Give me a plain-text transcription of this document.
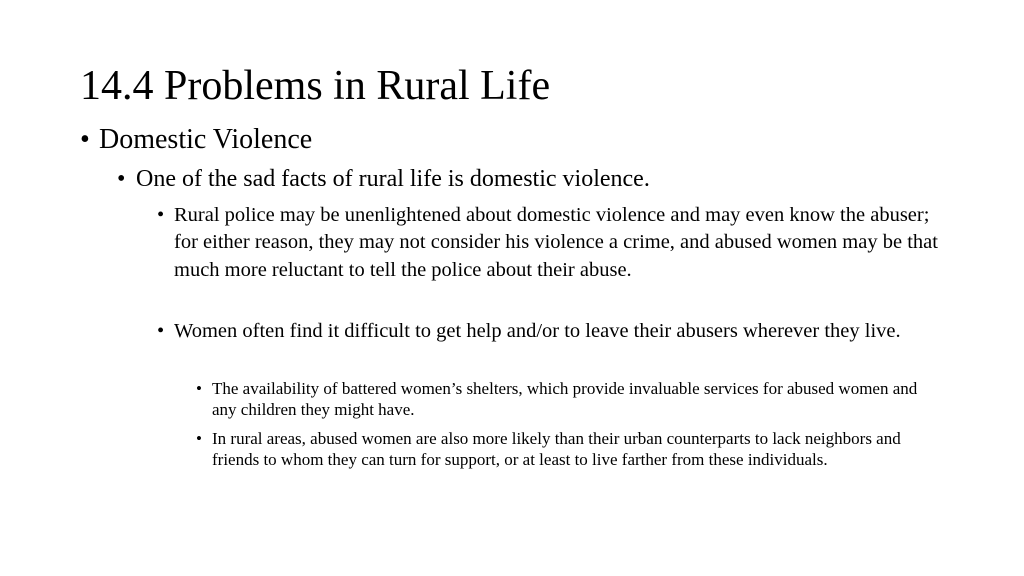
14.4 Problems in Rural Life
• Domestic Violence
• One of the sad facts of rural life is domestic violence.
• Rural police may be unenlightened about domestic violence and may even know the abuser; for either reason, they may not consider his violence a crime, and abused women may be that much more reluctant to tell the police about their abuse.
• Women often find it difficult to get help and/or to leave their abusers wherever they live.
• The availability of battered women’s shelters, which provide invaluable services for abused women and any children they might have.
• In rural areas, abused women are also more likely than their urban counterparts to lack neighbors and friends to whom they can turn for support, or at least to live farther from these individuals.
